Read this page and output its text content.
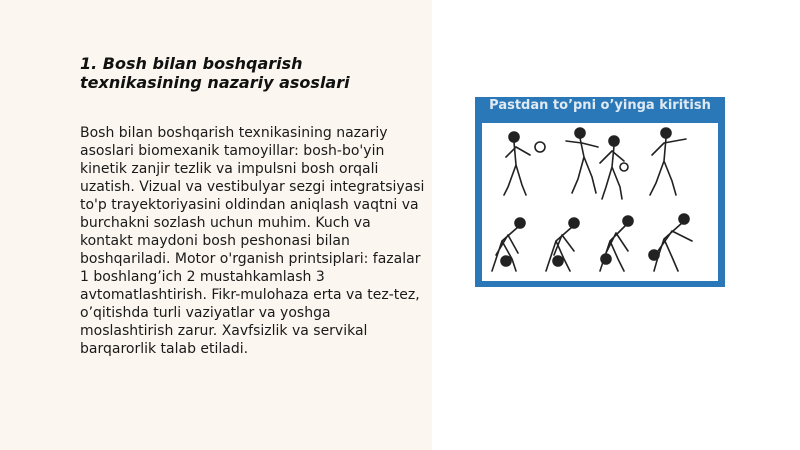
1. Bosh bilan boshqarish texnikasining nazariy asoslari

Bosh bilan boshqarish texnikasining nazariy asoslari biomexanik tamoyillar: bosh-bo'yin kinetik zanjir tezlik va impulsni bosh orqali uzatish. Vizual va vestibulyar sezgi integratsiyasi to'p trayektoriyasini oldindan aniqlash vaqtni va burchakni sozlash uchun muhim. Kuch va kontakt maydoni bosh peshonasi bilan boshqariladi. Motor o'rganish printsiplari: fazalar 1 boshlang’ich 2 mustahkamlash 3 avtomatlashtirish. Fikr-mulohaza erta va tez-tez, o’qitishda turli vaziyatlar va yoshga moslashtirish zarur. Xavfsizlik va servikal barqarorlik talab etiladi.

Pastdan to’pni o’yinga kiritish
